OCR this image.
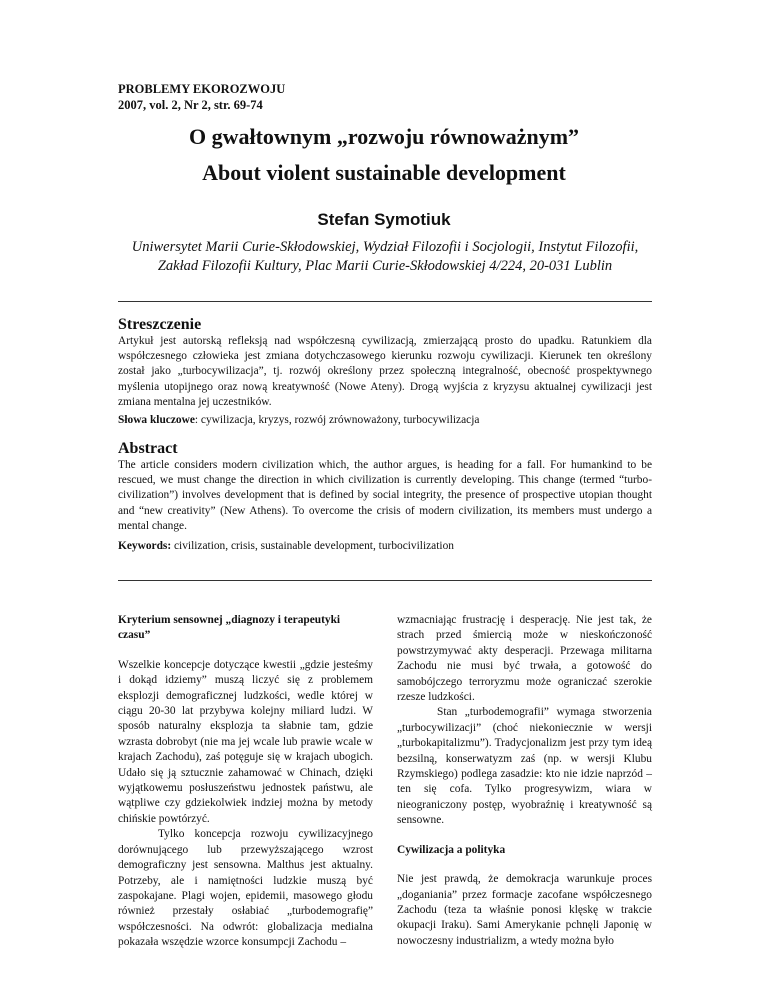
PROBLEMY EKOROZWOJU
2007, vol. 2, Nr 2, str. 69-74
O gwałtownym „rozwoju równoważnym”
About violent sustainable development
Stefan Symotiuk
Uniwersytet Marii Curie-Skłodowskiej, Wydział Filozofii i Socjologii, Instytut Filozofii, Zakład Filozofii Kultury, Plac Marii Curie-Skłodowskiej 4/224, 20-031 Lublin
Streszczenie
Artykuł jest autorską refleksją nad współczesną cywilizacją, zmierzającą prosto do upadku. Ratunkiem dla współczesnego człowieka jest zmiana dotychczasowego kierunku rozwoju cywilizacji. Kierunek ten określony został jako „turbocywilizacja”, tj. rozwój określony przez społeczną integralność, obecność prospektywnego myślenia utopijnego oraz nową kreatywność (Nowe Ateny). Drogą wyjścia z kryzysu aktualnej cywilizacji jest zmiana mentalna jej uczestników.
Słowa kluczowe: cywilizacja, kryzys, rozwój zrównoważony, turbocywilizacja
Abstract
The article considers modern civilization which, the author argues, is heading for a fall. For humankind to be rescued, we must change the direction in which civilization is currently developing. This change (termed “turbo-civilization”) involves development that is defined by social integrity, the presence of prospective utopian thought and “new creativity” (New Athens). To overcome the crisis of modern civilization, its members must undergo a mental change.
Keywords: civilization, crisis, sustainable development, turbocivilization
Kryterium sensownej „diagnozy i terapeutyki czasu”

Wszelkie koncepcje dotyczące kwestii „gdzie jesteśmy i dokąd idziemy” muszą liczyć się z problemem eksplozji demograficznej ludzkości, wedle której w ciągu 20-30 lat przybywa kolejny miliard ludzi. W sposób naturalny eksplozja ta słabnie tam, gdzie wzrasta dobrobyt (nie ma jej wcale lub prawie wcale w krajach Zachodu), zaś potęguje się w krajach ubogich. Udało się ją sztucznie zahamować w Chinach, dzięki wyjątkowemu posłuszeństwu jednostek państwu, ale wątpliwe czy gdziekolwiek indziej można by metody chińskie powtórzyć.

Tylko koncepcja rozwoju cywilizacyjnego dorównującego lub przewyższającego wzrost demograficzny jest sensowna. Malthus jest aktualny. Potrzeby, ale i namiętności ludzkie muszą być zaspokajane. Plagi wojen, epidemii, masowego głodu również przestały osłabiać „turbodemografię” współczesności. Na odwrót: globalizacja medialna pokazała wszędzie wzorce konsumpcji Zachodu –

wzmacniając frustrację i desperację. Nie jest tak, że strach przed śmiercią może w nieskończoność powstrzymywać akty desperacji. Przewaga militarna Zachodu nie musi być trwała, a gotowość do samobójczego terroryzmu może ograniczać szerokie rzesze ludzkości.

Stan „turbodemografii” wymaga stworzenia „turbocywilizacji” (choć niekoniecznie w wersji „turbokapitalizmu”). Tradycjonalizm jest przy tym ideą bezsilną, konserwatyzm zaś (np. w wersji Klubu Rzymskiego) podlega zasadzie: kto nie idzie naprzód – ten się cofa. Tylko progresywizm, wiara w nieograniczony postęp, wyobraźnię i kreatywność są sensowne.

Cywilizacja a polityka

Nie jest prawdą, że demokracja warunkuje proces „doganiania” przez formacje zacofane współczesnego Zachodu (teza ta właśnie ponosi klęskę w trakcie okupacji Iraku). Sami Amerykanie pchnęli Japonię w nowoczesny industrializm, a wtedy można było
